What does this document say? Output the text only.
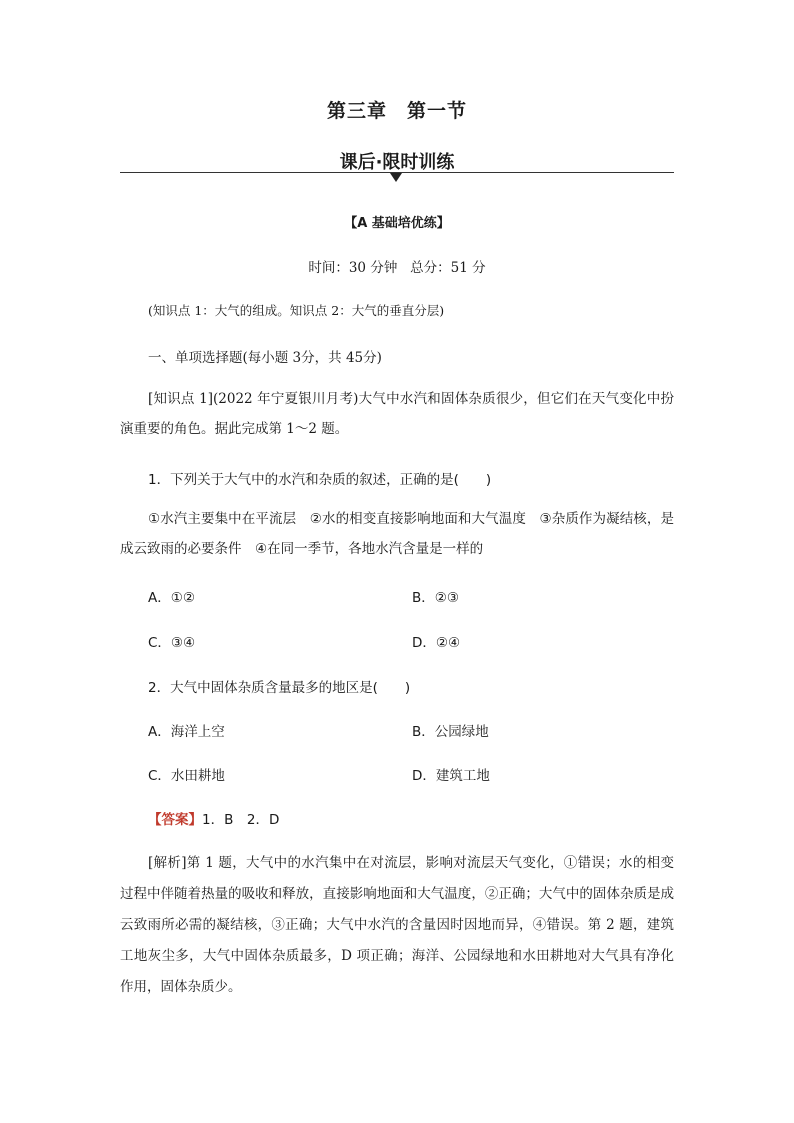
第三章　第一节
课后·限时训练
【A 基础培优练】
时间：30 分钟   总分：51 分
(知识点 1：大气的组成。知识点 2：大气的垂直分层)
一、单项选择题(每小题 3分，共 45分)
[知识点 1](2022 年宁夏银川月考)大气中水汽和固体杂质很少，但它们在天气变化中扮演重要的角色。据此完成第 1～2 题。
1．下列关于大气中的水汽和杂质的叙述，正确的是(　　)
①水汽主要集中在平流层　②水的相变直接影响地面和大气温度　③杂质作为凝结核，是成云致雨的必要条件　④在同一季节，各地水汽含量是一样的
A．①②	B．②③
C．③④	D．②④
2．大气中固体杂质含量最多的地区是(　　)
A．海洋上空	B．公园绿地
C．水田耕地	D．建筑工地
【答案】1．B　2．D
[解析]第 1 题，大气中的水汽集中在对流层，影响对流层天气变化，①错误；水的相变过程中伴随着热量的吸收和释放，直接影响地面和大气温度，②正确；大气中的固体杂质是成云致雨所必需的凝结核，③正确；大气中水汽的含量因时因地而异，④错误。第 2 题，建筑工地灰尘多，大气中固体杂质最多，D 项正确；海洋、公园绿地和水田耕地对大气具有净化作用，固体杂质少。
